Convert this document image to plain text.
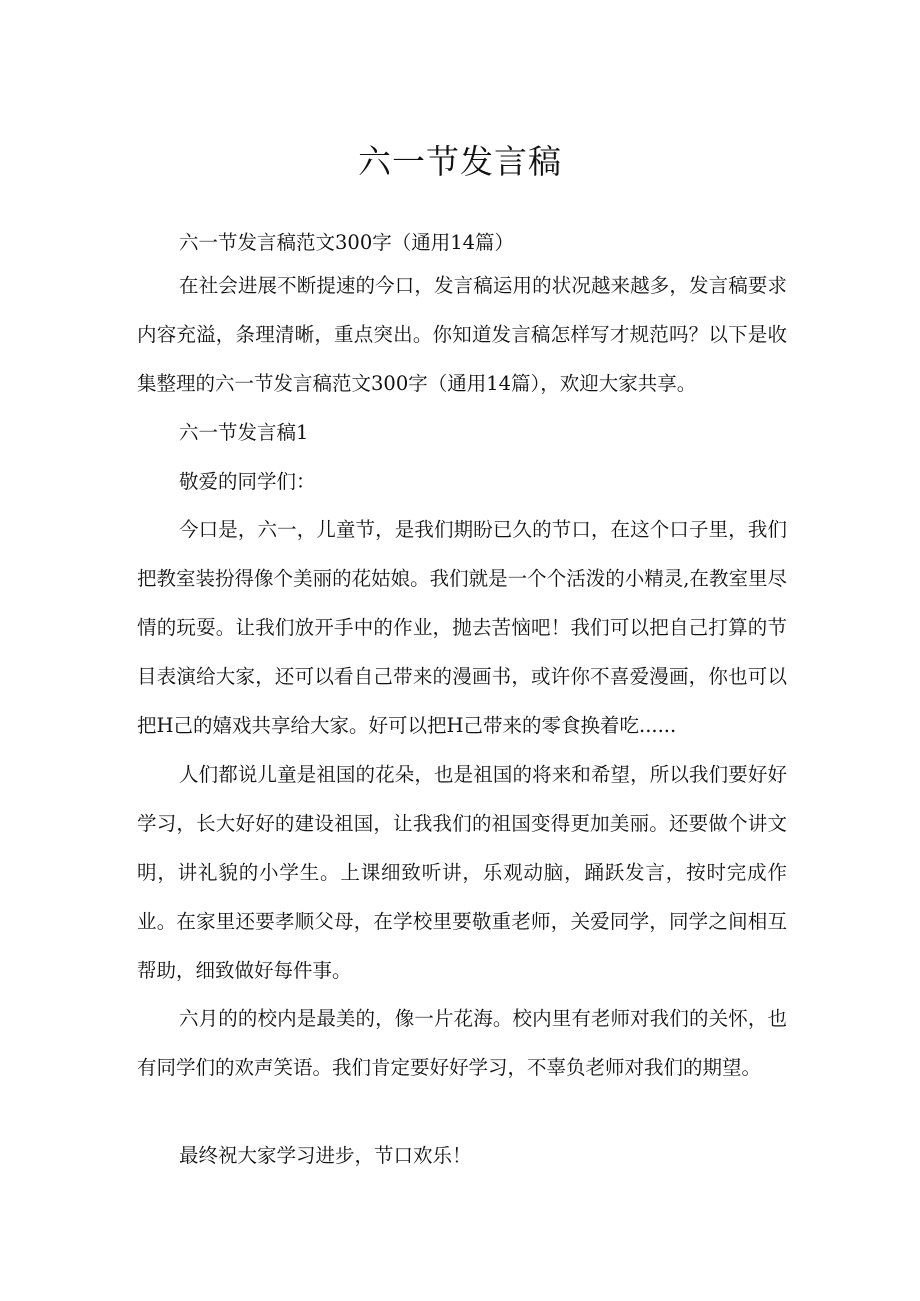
六一节发言稿

六一节发言稿范文300字（通用14篇）

在社会进展不断提速的今口，发言稿运用的状况越来越多，发言稿要求内容充溢，条理清晰，重点突出。你知道发言稿怎样写才规范吗？以下是收集整理的六一节发言稿范文300字（通用14篇），欢迎大家共享。

六一节发言稿1

敬爱的同学们：

今口是，六一，儿童节，是我们期盼已久的节口，在这个口子里，我们把教室装扮得像个美丽的花姑娘。我们就是一个个活泼的小精灵,在教室里尽情的玩耍。让我们放开手中的作业，抛去苦恼吧！我们可以把自己打算的节目表演给大家，还可以看自己带来的漫画书，或许你不喜爱漫画，你也可以把H己的嬉戏共享给大家。好可以把H己带来的零食换着吃......

人们都说儿童是祖国的花朵，也是祖国的将来和希望，所以我们要好好学习，长大好好的建设祖国，让我我们的祖国变得更加美丽。还要做个讲文明，讲礼貌的小学生。上课细致听讲，乐观动脑，踊跃发言，按时完成作业。在家里还要孝顺父母，在学校里要敬重老师，关爱同学，同学之间相互帮助，细致做好每件事。

六月的的校内是最美的，像一片花海。校内里有老师对我们的关怀，也有同学们的欢声笑语。我们肯定要好好学习，不辜负老师对我们的期望。

最终祝大家学习进步，节口欢乐！
